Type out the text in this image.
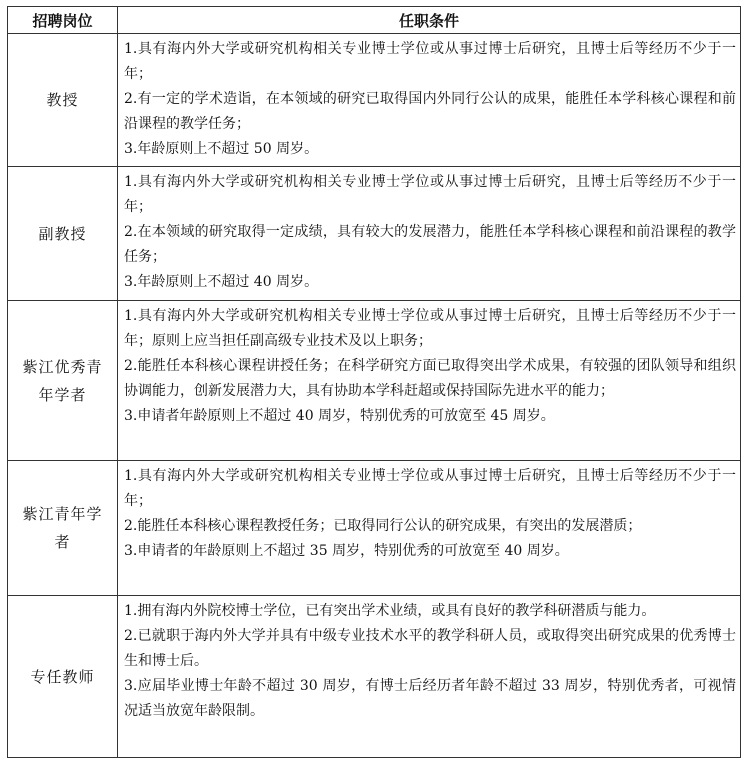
招聘岗位	任职条件
教授	1.具有海内外大学或研究机构相关专业博士学位或从事过博士后研究，且博士后等经历不少于一年；
2.有一定的学术造诣，在本领域的研究已取得国内外同行公认的成果，能胜任本学科核心课程和前沿课程的教学任务；
3.年龄原则上不超过 50 周岁。

副教授	1.具有海内外大学或研究机构相关专业博士学位或从事过博士后研究，且博士后等经历不少于一年；
2.在本领域的研究取得一定成绩，具有较大的发展潜力，能胜任本学科核心课程和前沿课程的教学任务；
3.年龄原则上不超过 40 周岁。

紫江优秀青年学者	1.具有海内外大学或研究机构相关专业博士学位或从事过博士后研究，且博士后等经历不少于一年；原则上应当担任副高级专业技术及以上职务；
2.能胜任本科核心课程讲授任务；在科学研究方面已取得突出学术成果，有较强的团队领导和组织协调能力，创新发展潜力大，具有协助本学科赶超或保持国际先进水平的能力；
3.申请者年龄原则上不超过 40 周岁，特别优秀的可放宽至 45 周岁。

紫江青年学者	1.具有海内外大学或研究机构相关专业博士学位或从事过博士后研究，且博士后等经历不少于一年；
2.能胜任本科核心课程教授任务；已取得同行公认的研究成果，有突出的发展潜质；
3.申请者的年龄原则上不超过 35 周岁，特别优秀的可放宽至 40 周岁。

专任教师	1.拥有海内外院校博士学位，已有突出学术业绩，或具有良好的教学科研潜质与能力。
2.已就职于海内外大学并具有中级专业技术水平的教学科研人员，或取得突出研究成果的优秀博士生和博士后。
3.应届毕业博士年龄不超过 30 周岁，有博士后经历者年龄不超过 33 周岁，特别优秀者，可视情况适当放宽年龄限制。
